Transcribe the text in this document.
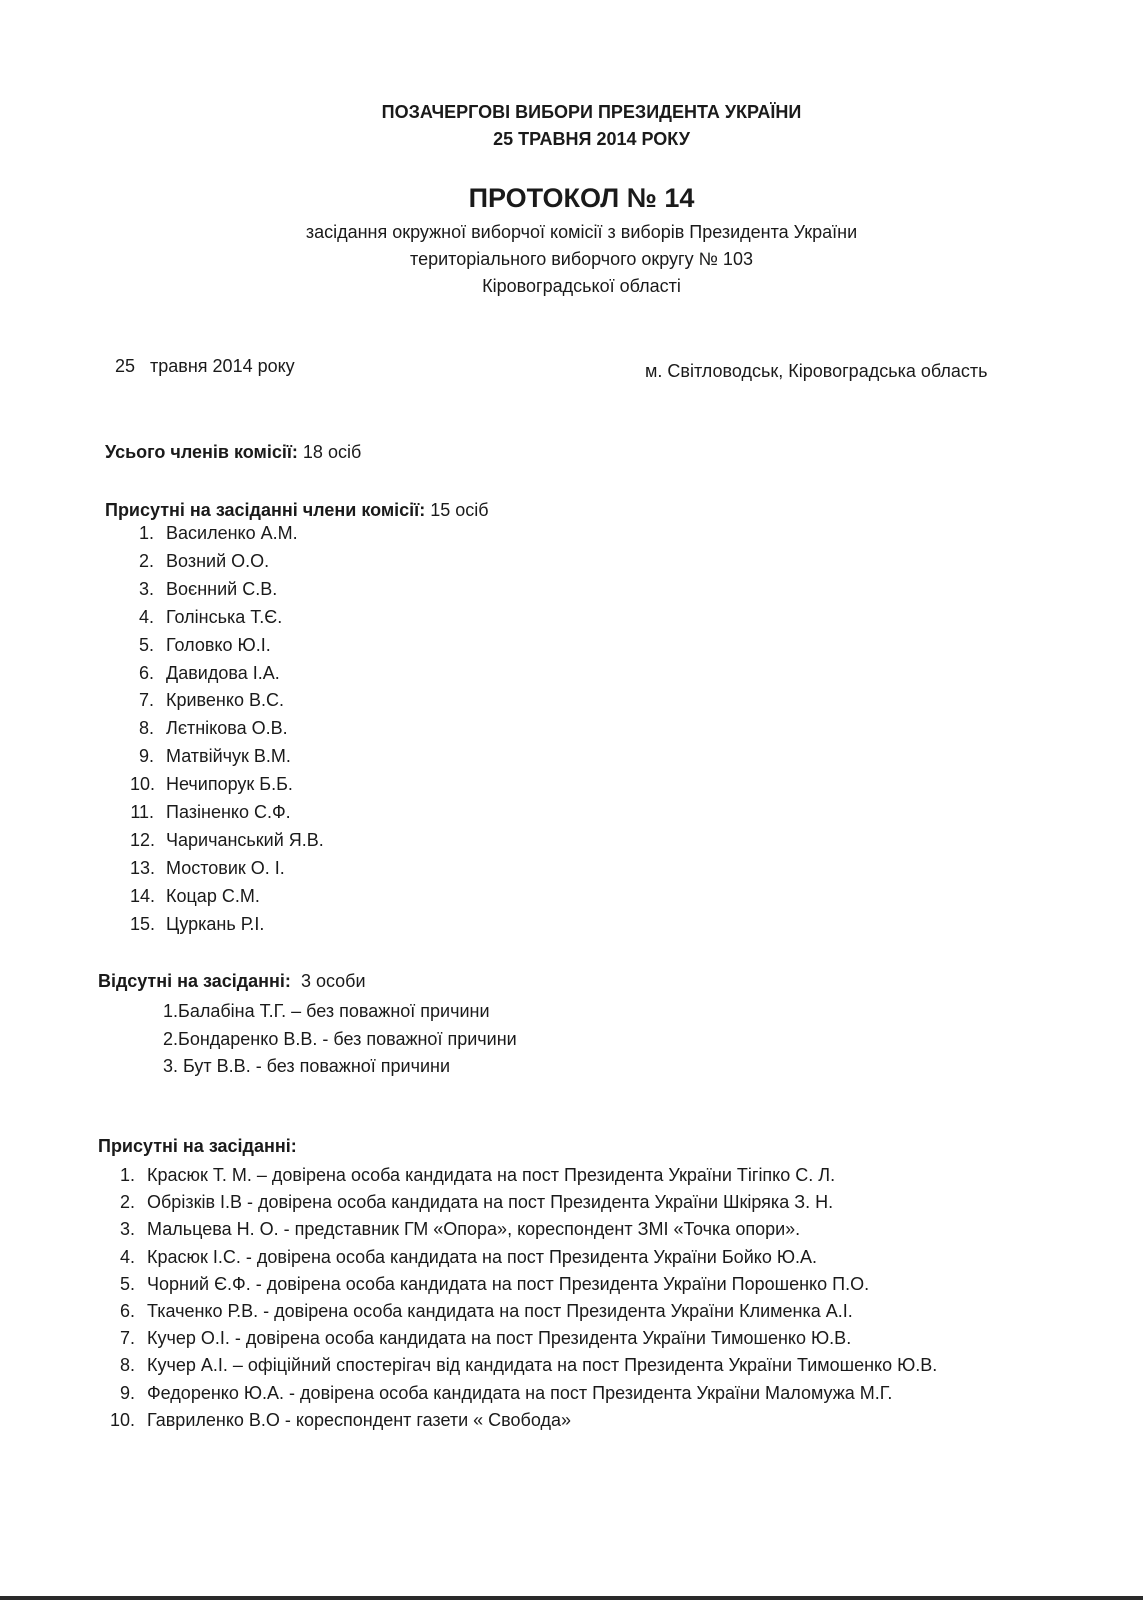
ПОЗАЧЕРГОВІ ВИБОРИ ПРЕЗИДЕНТА УКРАЇНИ
25 ТРАВНЯ 2014 РОКУ
ПРОТОКОЛ № 14
засідання окружної виборчої комісії з виборів Президента України
територіального виборчого округу № 103
Кіровоградської області
25   травня 2014 року	м. Світловодськ, Кіровоградська область
Усього членів комісії: 18 осіб
Присутні на засіданні члени комісії: 15 осіб
1. Василенко А.М.
2. Возний О.О.
3. Воєнний С.В.
4. Голінська Т.Є.
5. Головко Ю.І.
6. Давидова І.А.
7. Кривенко В.С.
8. Лєтнікова О.В.
9. Матвійчук В.М.
10. Нечипорук Б.Б.
11. Пазіненко С.Ф.
12. Чаричанський Я.В.
13. Мостовик О. І.
14. Коцар С.М.
15. Цуркань Р.І.
Відсутні на засіданні: 3 особи
1.Балабіна Т.Г. – без поважної причини
2.Бондаренко В.В. - без поважної причини
3. Бут В.В. - без поважної причини
Присутні на засіданні:
1. Красюк Т. М. – довірена особа кандидата на пост Президента України Тігіпко С. Л.
2. Обрізків І.В - довірена особа кандидата на пост Президента України Шкіряка З. Н.
3. Мальцева Н. О. - представник ГМ «Опора», кореспондент ЗМІ «Точка опори».
4. Красюк І.С. - довірена особа кандидата на пост Президента України Бойко Ю.А.
5. Чорний Є.Ф. - довірена особа кандидата на пост Президента України Порошенко П.О.
6. Ткаченко Р.В. - довірена особа кандидата на пост Президента України Клименка А.І.
7. Кучер О.І. - довірена особа кандидата на пост Президента України Тимошенко Ю.В.
8. Кучер А.І. – офіційний спостерігач від кандидата на пост Президента України Тимошенко Ю.В.
9. Федоренко Ю.А. - довірена особа кандидата на пост Президента України Маломужа М.Г.
10. Гавриленко В.О - кореспондент газети « Свобода»
